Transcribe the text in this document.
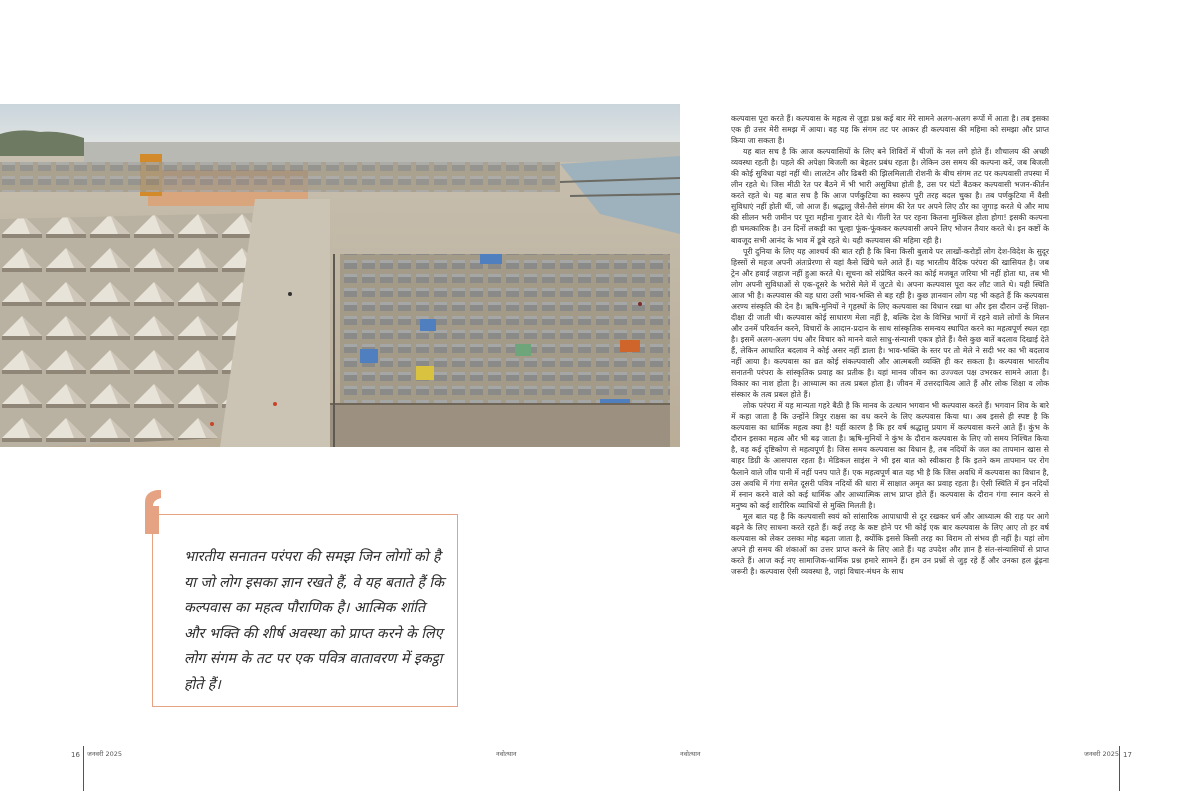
भारतीय सनातन परंपरा की समझ जिन लोगों को है या जो लोग इसका ज्ञान रखते हैं, वे यह बताते हैं कि कल्पवास का महत्व पौराणिक है। आत्मिक शांति और भक्ति की शीर्ष अवस्था को प्राप्त करने के लिए लोग संगम के तट पर एक पवित्र वातावरण में इकट्ठा होते हैं।

कल्पवास पूरा करते हैं। कल्पवास के महत्व से जुड़ा प्रश्न कई बार मेरे सामने अलग-अलग रूपों में आता है। तब इसका एक ही उत्तर मेरी समझ में आया। वह यह कि संगम तट पर आकर ही कल्पवास की महिमा को समझा और प्राप्त किया जा सकता है।

यह बात सच है कि आज कल्पवासियों के लिए बने शिविरों में चीजों के नल लगे होते हैं। शौचालय की अच्छी व्यवस्था रहती है। पहले की अपेक्षा बिजली का बेहतर प्रबंध रहता है। लेकिन उस समय की कल्पना करें, जब बिजली की कोई सुविधा यहां नहीं थी। लालटेन और ढिबरी की झिलमिलाती रोशनी के बीच संगम तट पर कल्पवासी तपस्या में लीन रहते थे। जिस मीठी रेत पर बैठने में भी भारी असुविधा होती है, उस पर घंटों बैठकर कल्पवासी भजन-कीर्तन करते रहते थे। यह बात सच है कि आज पर्णकुटिया का स्वरूप पूरी तरह बदल चुका है। तब पर्णकुटिया में वैसी सुविधाएं नहीं होती थीं, जो आज हैं। श्रद्धालु जैसे-तैसे संगम की रेत पर अपने लिए ठौर का जुगाड़ करते थे और माघ की सीलन भरी जमीन पर पूरा महीना गुजार देते थे। गीली रेत पर रहना कितना मुश्किल होता होगा! इसकी कल्पना ही चमत्कारिक है। उन दिनों लकड़ी का चूल्हा फूंक-फूंककर कल्पवासी अपने लिए भोजन तैयार करते थे। इन कष्टों के बावजूद सभी आनंद के भाव में डूबे रहते थे। यही कल्पवास की महिमा रही है।

पूरी दुनिया के लिए यह आश्चर्य की बात रही है कि बिना किसी बुलावे पर लाखों-करोड़ों लोग देश-विदेश के सुदूर हिस्सों से महज अपनी अंतःप्रेरणा से यहां कैसे खिंचे चले आते हैं। यह भारतीय वैदिक परंपरा की खासियत है। जब ट्रेन और हवाई जहाज नहीं हुआ करते थे। सूचना को संप्रेषित करने का कोई मजबूत जरिया भी नहीं होता था, तब भी लोग अपनी सुविधाओं से एक-दूसरे के भरोसे मेले में जुटते थे। अपना कल्पवास पूरा कर लौट जाते थे। यही स्थिति आज भी है। कल्पवास की यह धारा उसी भाव-भक्ति से बह रही है। कुछ ज्ञानवान लोग यह भी कहते हैं कि कल्पवास अरण्य संस्कृति की देन है। ऋषि-मुनियों ने गृहस्थों के लिए कल्पवास का विधान रखा था और इस दौरान उन्हें शिक्षा-दीक्षा दी जाती थी। कल्पवास कोई साधारण मेला नहीं है, बल्कि देश के विभिन्न भागों में रहने वाले लोगों के मिलन और उनमें परिवर्तन करने, विचारों के आदान-प्रदान के साथ सांस्कृतिक समन्वय स्थापित करने का महत्वपूर्ण स्थल रहा है। इसमें अलग-अलग पंथ और विचार को मानने वाले साधु-संन्यासी एकत्र होते हैं। वैसे कुछ बातें बदलाव दिखाई देते हैं, लेकिन आधारित बदलाव ने कोई असर नहीं डाला है। भाव-भक्ति के स्तर पर तो मेले ने सदी भर का भी बदलाव नहीं आया है। कल्पवास का व्रत कोई संकल्पवासी और आत्मबली व्यक्ति ही कर सकता है। कल्पवास भारतीय सनातनी परंपरा के सांस्कृतिक प्रवाह का प्रतीक है। यहां मानव जीवन का उज्ज्वल पक्ष उभरकर सामने आता है। विकार का नाश होता है। आध्यात्म का तत्व प्रबल होता है। जीवन में उत्तरदायित्व आते हैं और लोक शिक्षा व लोक संस्कार के तत्व प्रबल होते हैं।

लोक परंपरा में यह मान्यता गहरे बैठी है कि मानव के उत्थान भगवान भी कल्पवास करते हैं। भगवान शिव के बारे में कहा जाता है कि उन्होंने त्रिपुर राक्षस का वध करने के लिए कल्पवास किया था। अब इससे ही स्पष्ट है कि कल्पवास का धार्मिक महत्व क्या है! यहीं कारण है कि हर वर्ष श्रद्धालु प्रयाग में कल्पवास करने आते हैं। कुंभ के दौरान इसका महत्व और भी बढ़ जाता है। ऋषि-मुनियों ने कुंभ के दौरान कल्पवास के लिए जो समय निश्चित किया है, वह कई दृष्टिकोण से महत्वपूर्ण है। जिस समय कल्पवास का विधान है, तब नदियों के जल का तापमान खास से बाहर डिग्री के आसपास रहता है। मेडिकल साइंस ने भी इस बात को स्वीकारा है कि इतने कम तापमान पर रोग फैलाने वाले जीव पानी में नहीं पनप पाते हैं। एक महत्वपूर्ण बात यह भी है कि जिस अवधि में कल्पवास का विधान है, उस अवधि में गंगा समेत दूसरी पवित्र नदियों की धारा में साक्षात अमृत का प्रवाह रहता है। ऐसी स्थिति में इन नदियों में स्नान करने वाले को कई धार्मिक और आध्यात्मिक लाभ प्राप्त होते हैं। कल्पवास के दौरान गंगा स्नान करने से मनुष्य को कई शारीरिक व्याधियों से मुक्ति मिलती है।

मूल बात यह है कि कल्पवासी स्वयं को सांसारिक आपाधापी से दूर रखकर धर्म और आध्यात्म की राह पर आगे बढ़ने के लिए साधना करते रहते हैं। कई तरह के कष्ट होने पर भी कोई एक बार कल्पवास के लिए आए तो हर वर्ष कल्पवास को लेकर उसका मोह बढ़ता जाता है, क्योंकि इससे किसी तरह का विराम तो संभव ही नहीं है। यहां लोग अपने ही समय की शंकाओं का उत्तर प्राप्त करने के लिए आते हैं। यह उपदेश और ज्ञान है संत-संन्यासियों से प्राप्त करते हैं। आज कई नए सामाजिक-धार्मिक प्रश्न हमारे सामने हैं। हम उन प्रश्नों से जुड़ रहे हैं और उनका हल ढूंढ़ना जरूरी है। कल्पवास ऐसी व्यवस्था है, जहां विचार-मंथन के साथ

16 जनवरी 2025	नवोत्थान	नवोत्थान	जनवरी 2025 17
